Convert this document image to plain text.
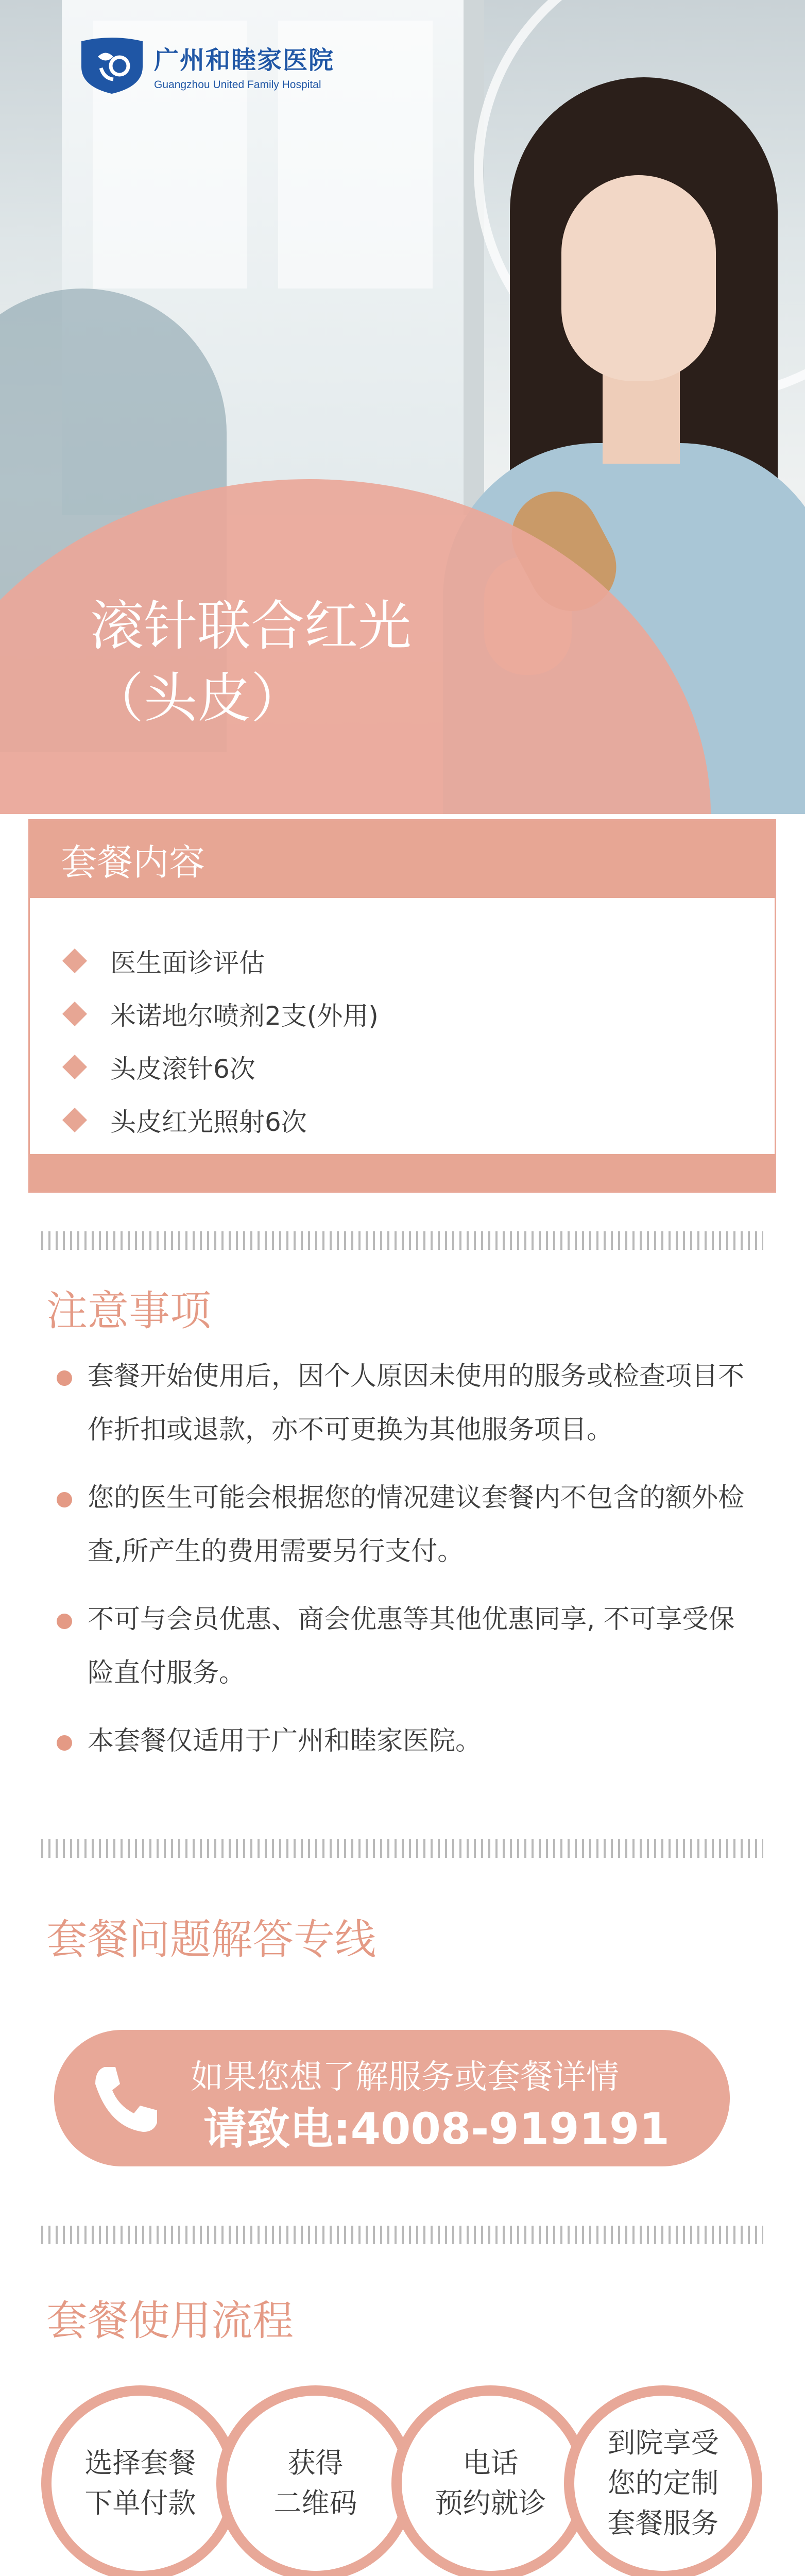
广州和睦家医院
Guangzhou United Family Hospital
滚针联合红光
（头皮）
套餐内容
医生面诊评估
米诺地尔喷剂2支(外用)
头皮滚针6次
头皮红光照射6次
注意事项
套餐开始使用后，因个人原因未使用的服务或检查项目不作折扣或退款，亦不可更换为其他服务项目。
您的医生可能会根据您的情况建议套餐内不包含的额外检查,所产生的费用需要另行支付。
不可与会员优惠、商会优惠等其他优惠同享, 不可享受保险直付服务。
本套餐仅适用于广州和睦家医院。
套餐问题解答专线
如果您想了解服务或套餐详情
请致电:4008-919191
套餐使用流程
选择套餐
下单付款
获得
二维码
电话
预约就诊
到院享受
您的定制
套餐服务
